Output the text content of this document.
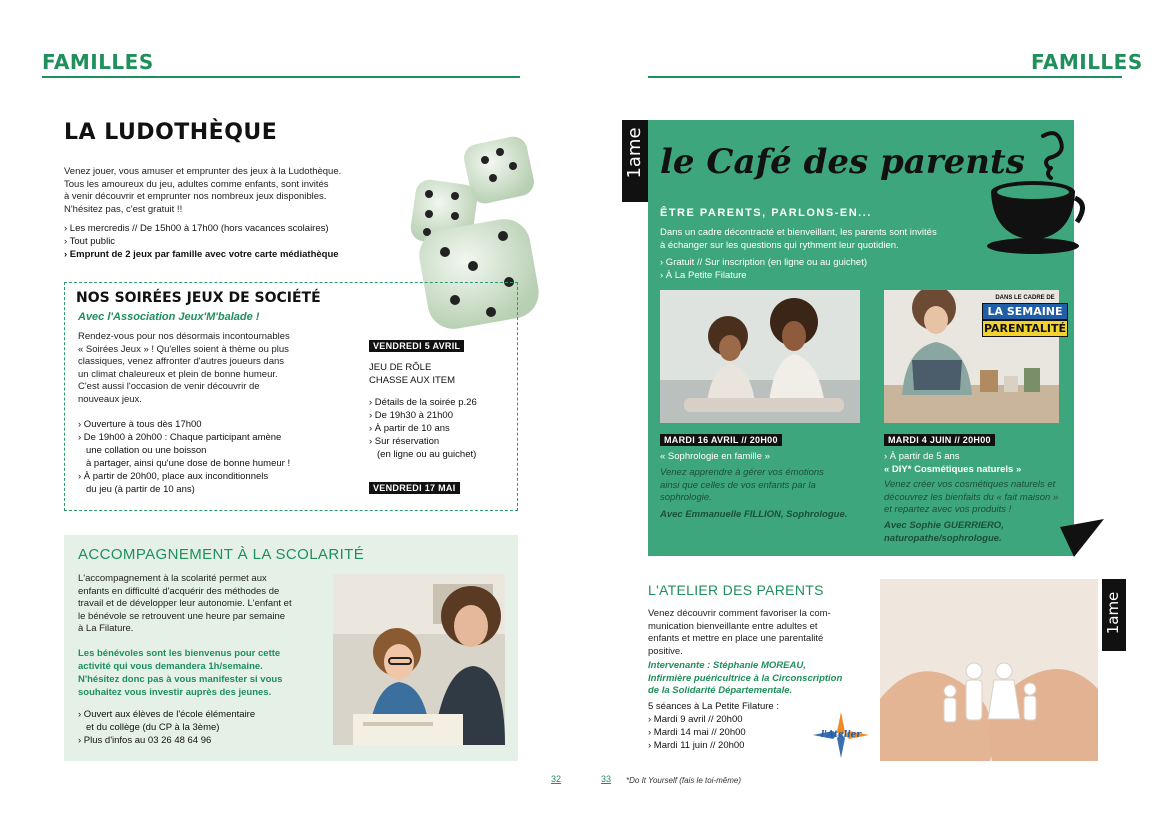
FAMILLES
LA LUDOTHÈQUE
Venez jouer, vous amuser et emprunter des jeux à la Ludothèque.
Tous les amoureux du jeu, adultes comme enfants, sont invités
à venir découvrir et emprunter nos nombreux jeux disponibles.
N'hésitez pas, c'est gratuit !!
› Les mercredis // De 15h00 à 17h00 (hors vacances scolaires)
› Tout public
› Emprunt de 2 jeux par famille avec votre carte médiathèque
NOS SOIRÉES JEUX DE SOCIÉTÉ
Avec l'Association Jeux'M'balade !
Rendez-vous pour nos désormais incontournables
« Soirées Jeux » ! Qu'elles soient à thème ou plus
classiques, venez affronter d'autres joueurs dans
un climat chaleureux et plein de bonne humeur.
C'est aussi l'occasion de venir découvrir de
nouveaux jeux.
› Ouverture à tous dès 17h00
› De 19h00 à 20h00 : Chaque participant amène
une collation ou une boisson
à partager, ainsi qu'une dose de bonne humeur !
› À partir de 20h00, place aux inconditionnels
du jeu (à partir de 10 ans)
VENDREDI 5 AVRIL
JEU DE RÔLE
CHASSE AUX ITEM
› Détails de la soirée p.26
› De 19h30 à 21h00
› À partir de 10 ans
› Sur réservation
(en ligne ou au guichet)
VENDREDI 17 MAI
ACCOMPAGNEMENT À LA SCOLARITÉ
L'accompagnement à la scolarité permet aux
enfants en difficulté d'acquérir des méthodes de
travail et de développer leur autonomie. L'enfant et
le bénévole se retrouvent une heure par semaine
à La Filature.
Les bénévoles sont les bienvenus pour cette
activité qui vous demandera 1h/semaine.
N'hésitez donc pas à vous manifester si vous
souhaitez vous investir auprès des jeunes.
› Ouvert aux élèves de l'école élémentaire
et du collège (du CP à la 3ème)
› Plus d'infos au 03 26 48 64 96
32
FAMILLES
1ame le Café des parents
ÊTRE PARENTS, PARLONS-EN...
Dans un cadre décontracté et bienveillant, les parents sont invités
à échanger sur les questions qui rythment leur quotidien.
› Gratuit // Sur inscription (en ligne ou au guichet)
› À La Petite Filature
DANS LE CADRE DE
LA SEMAINE
PARENTALITÉ
MARDI 16 AVRIL // 20H00
« Sophrologie en famille »
Venez apprendre à gérer vos émotions
ainsi que celles de vos enfants par la
sophrologie.
Avec Emmanuelle FILLION, Sophrologue.
MARDI 4 JUIN // 20H00
› À partir de 5 ans
« DIY* Cosmétiques naturels »
Venez créer vos cosmétiques naturels et
découvrez les bienfaits du « fait maison »
et repartez avec vos produits !
Avec Sophie GUERRIERO,
naturopathe/sophrologue.
L'ATELIER DES PARENTS
Venez découvrir comment favoriser la com-
munication bienveillante entre adultes et
enfants et mettre en place une parentalité
positive.
Intervenante : Stéphanie MOREAU,
Infirmière puéricultrice à la Circonscription
de la Solidarité Départementale.
5 séances à La Petite Filature :
› Mardi 9 avril // 20h00
› Mardi 14 mai // 20h00
› Mardi 11 juin // 20h00
l'Atelier
1ame
33 *Do It Yourself (fais le toi-même)
